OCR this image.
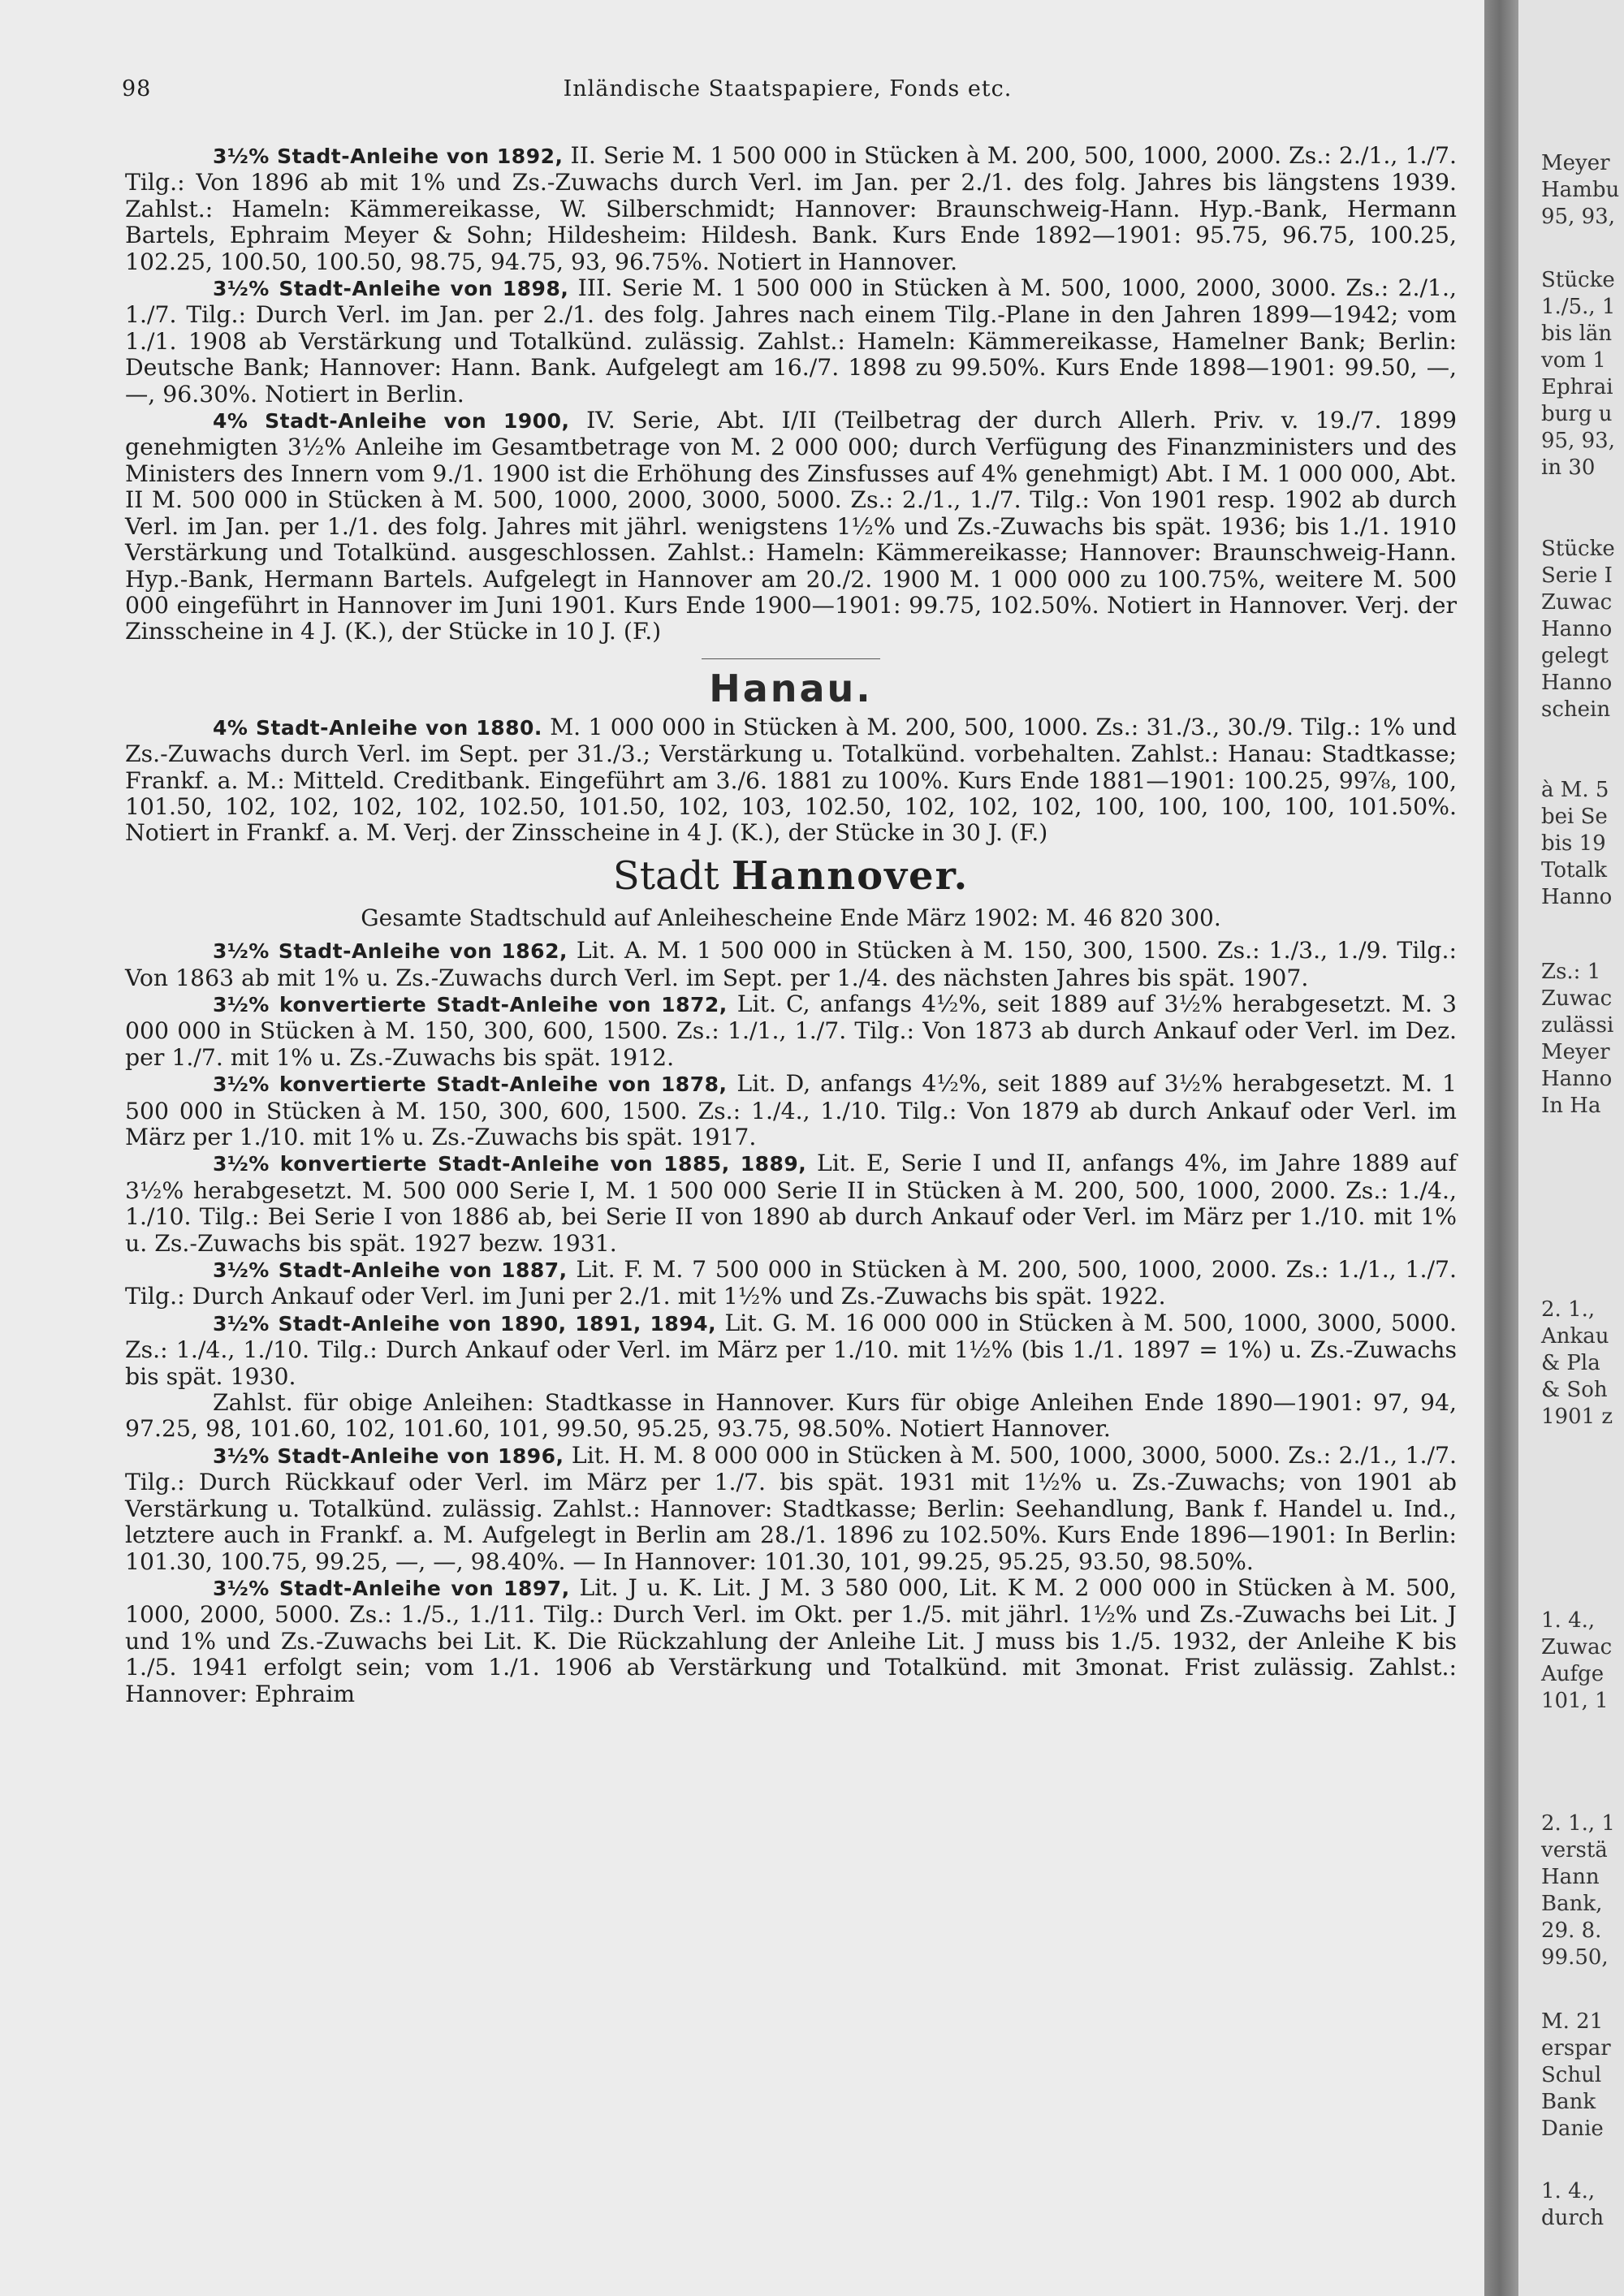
98	Inländische Staatspapiere, Fonds etc.

3½% Stadt-Anleihe von 1892, II. Serie M. 1 500 000 in Stücken à M. 200, 500, 1000, 2000. Zs.: 2./1., 1./7. Tilg.: Von 1896 ab mit 1% und Zs.-Zuwachs durch Verl. im Jan. per 2./1. des folg. Jahres bis längstens 1939. Zahlst.: Hameln: Kämmereikasse, W. Silberschmidt; Hannover: Braunschweig-Hann. Hyp.-Bank, Hermann Bartels, Ephraim Meyer & Sohn; Hildesheim: Hildesh. Bank. Kurs Ende 1892—1901: 95.75, 96.75, 100.25, 102.25, 100.50, 100.50, 98.75, 94.75, 93, 96.75%. Notiert in Hannover.

3½% Stadt-Anleihe von 1898, III. Serie M. 1 500 000 in Stücken à M. 500, 1000, 2000, 3000. Zs.: 2./1., 1./7. Tilg.: Durch Verl. im Jan. per 2./1. des folg. Jahres nach einem Tilg.-Plane in den Jahren 1899—1942; vom 1./1. 1908 ab Verstärkung und Totalkünd. zulässig. Zahlst.: Hameln: Kämmereikasse, Hamelner Bank; Berlin: Deutsche Bank; Hannover: Hann. Bank. Aufgelegt am 16./7. 1898 zu 99.50%. Kurs Ende 1898—1901: 99.50, —, —, 96.30%. Notiert in Berlin.

4% Stadt-Anleihe von 1900, IV. Serie, Abt. I/II (Teilbetrag der durch Allerh. Priv. v. 19./7. 1899 genehmigten 3½% Anleihe im Gesamtbetrage von M. 2 000 000; durch Verfügung des Finanzministers und des Ministers des Innern vom 9./1. 1900 ist die Erhöhung des Zinsfusses auf 4% genehmigt) Abt. I M. 1 000 000, Abt. II M. 500 000 in Stücken à M. 500, 1000, 2000, 3000, 5000. Zs.: 2./1., 1./7. Tilg.: Von 1901 resp. 1902 ab durch Verl. im Jan. per 1./1. des folg. Jahres mit jährl. wenigstens 1½% und Zs.-Zuwachs bis spät. 1936; bis 1./1. 1910 Verstärkung und Totalkünd. ausgeschlossen. Zahlst.: Hameln: Kämmereikasse; Hannover: Braunschweig-Hann. Hyp.-Bank, Hermann Bartels. Aufgelegt in Hannover am 20./2. 1900 M. 1 000 000 zu 100.75%, weitere M. 500 000 eingeführt in Hannover im Juni 1901. Kurs Ende 1900—1901: 99.75, 102.50%. Notiert in Hannover. Verj. der Zinsscheine in 4 J. (K.), der Stücke in 10 J. (F.)

Hanau.

4% Stadt-Anleihe von 1880. M. 1 000 000 in Stücken à M. 200, 500, 1000. Zs.: 31./3., 30./9. Tilg.: 1% und Zs.-Zuwachs durch Verl. im Sept. per 31./3.; Verstärkung u. Totalkünd. vorbehalten. Zahlst.: Hanau: Stadtkasse; Frankf. a. M.: Mitteld. Creditbank. Eingeführt am 3./6. 1881 zu 100%. Kurs Ende 1881—1901: 100.25, 99⅞, 100, 101.50, 102, 102, 102, 102, 102.50, 101.50, 102, 103, 102.50, 102, 102, 102, 100, 100, 100, 100, 101.50%. Notiert in Frankf. a. M. Verj. der Zinsscheine in 4 J. (K.), der Stücke in 30 J. (F.)

Stadt Hannover.
Gesamte Stadtschuld auf Anleihescheine Ende März 1902: M. 46 820 300.

3½% Stadt-Anleihe von 1862, Lit. A. M. 1 500 000 in Stücken à M. 150, 300, 1500. Zs.: 1./3., 1./9. Tilg.: Von 1863 ab mit 1% u. Zs.-Zuwachs durch Verl. im Sept. per 1./4. des nächsten Jahres bis spät. 1907.

3½% konvertierte Stadt-Anleihe von 1872, Lit. C, anfangs 4½%, seit 1889 auf 3½% herabgesetzt. M. 3 000 000 in Stücken à M. 150, 300, 600, 1500. Zs.: 1./1., 1./7. Tilg.: Von 1873 ab durch Ankauf oder Verl. im Dez. per 1./7. mit 1% u. Zs.-Zuwachs bis spät. 1912.

3½% konvertierte Stadt-Anleihe von 1878, Lit. D, anfangs 4½%, seit 1889 auf 3½% herabgesetzt. M. 1 500 000 in Stücken à M. 150, 300, 600, 1500. Zs.: 1./4., 1./10. Tilg.: Von 1879 ab durch Ankauf oder Verl. im März per 1./10. mit 1% u. Zs.-Zuwachs bis spät. 1917.

3½% konvertierte Stadt-Anleihe von 1885, 1889, Lit. E, Serie I und II, anfangs 4%, im Jahre 1889 auf 3½% herabgesetzt. M. 500 000 Serie I, M. 1 500 000 Serie II in Stücken à M. 200, 500, 1000, 2000. Zs.: 1./4., 1./10. Tilg.: Bei Serie I von 1886 ab, bei Serie II von 1890 ab durch Ankauf oder Verl. im März per 1./10. mit 1% u. Zs.-Zuwachs bis spät. 1927 bezw. 1931.

3½% Stadt-Anleihe von 1887, Lit. F. M. 7 500 000 in Stücken à M. 200, 500, 1000, 2000. Zs.: 1./1., 1./7. Tilg.: Durch Ankauf oder Verl. im Juni per 2./1. mit 1½% und Zs.-Zuwachs bis spät. 1922.

3½% Stadt-Anleihe von 1890, 1891, 1894, Lit. G. M. 16 000 000 in Stücken à M. 500, 1000, 3000, 5000. Zs.: 1./4., 1./10. Tilg.: Durch Ankauf oder Verl. im März per 1./10. mit 1½% (bis 1./1. 1897 = 1%) u. Zs.-Zuwachs bis spät. 1930.

Zahlst. für obige Anleihen: Stadtkasse in Hannover. Kurs für obige Anleihen Ende 1890—1901: 97, 94, 97.25, 98, 101.60, 102, 101.60, 101, 99.50, 95.25, 93.75, 98.50%. Notiert Hannover.

3½% Stadt-Anleihe von 1896, Lit. H. M. 8 000 000 in Stücken à M. 500, 1000, 3000, 5000. Zs.: 2./1., 1./7. Tilg.: Durch Rückkauf oder Verl. im März per 1./7. bis spät. 1931 mit 1½% u. Zs.-Zuwachs; von 1901 ab Verstärkung u. Totalkünd. zulässig. Zahlst.: Hannover: Stadtkasse; Berlin: Seehandlung, Bank f. Handel u. Ind., letztere auch in Frankf. a. M. Aufgelegt in Berlin am 28./1. 1896 zu 102.50%. Kurs Ende 1896—1901: In Berlin: 101.30, 100.75, 99.25, —, —, 98.40%. — In Hannover: 101.30, 101, 99.25, 95.25, 93.50, 98.50%.

3½% Stadt-Anleihe von 1897, Lit. J u. K. Lit. J M. 3 580 000, Lit. K M. 2 000 000 in Stücken à M. 500, 1000, 2000, 5000. Zs.: 1./5., 1./11. Tilg.: Durch Verl. im Okt. per 1./5. mit jährl. 1½% und Zs.-Zuwachs bei Lit. J und 1% und Zs.-Zuwachs bei Lit. K. Die Rückzahlung der Anleihe Lit. J muss bis 1./5. 1932, der Anleihe K bis 1./5. 1941 erfolgt sein; vom 1./1. 1906 ab Verstärkung und Totalkünd. mit 3monat. Frist zulässig. Zahlst.: Hannover: Ephraim

Meyer
Hambu
95, 93,
Stücke
1./5., 1
bis län
vom 1
Ephrai
burg u
95, 93,
in 30
Stücke
Serie I
Zuwac
Hanno
gelegt
Hanno
schein
à M. 5
bei Se
bis 19
Totalk
Hanno
Zs.: 1
Zuwac
zulässi
Meyer
Hanno
In Ha
2. 1.,
Ankau
& Pla
& Soh
1901 z
1. 4.,
Zuwac
Aufge
101, 1
2. 1., 1
verstä
Hann
Bank,
29. 8.
99.50,
M. 21
erspar
Schul
Bank
Danie
1. 4.,
durch
